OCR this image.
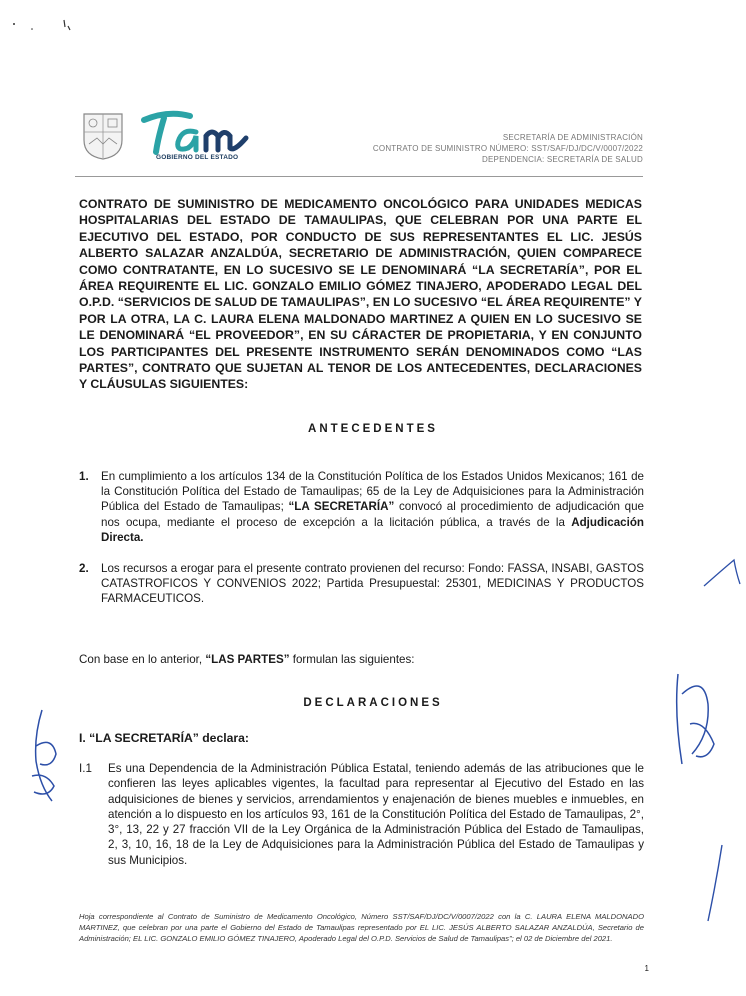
GOBIERNO DEL ESTADO
SECRETARÍA DE ADMINISTRACIÓN
CONTRATO DE SUMINISTRO NÚMERO: SST/SAF/DJ/DC/V/0007/2022
DEPENDENCIA: SECRETARÍA DE SALUD
CONTRATO DE SUMINISTRO DE MEDICAMENTO ONCOLÓGICO PARA UNIDADES MEDICAS HOSPITALARIAS DEL ESTADO DE TAMAULIPAS, QUE CELEBRAN POR UNA PARTE EL EJECUTIVO DEL ESTADO, POR CONDUCTO DE SUS REPRESENTANTES EL LIC. JESÚS ALBERTO SALAZAR ANZALDÚA, SECRETARIO DE ADMINISTRACIÓN, QUIEN COMPARECE COMO CONTRATANTE, EN LO SUCESIVO SE LE DENOMINARÁ “LA SECRETARÍA”, POR EL ÁREA REQUIRENTE EL LIC. GONZALO EMILIO GÓMEZ TINAJERO, APODERADO LEGAL DEL O.P.D. “SERVICIOS DE SALUD DE TAMAULIPAS”, EN LO SUCESIVO “EL ÁREA REQUIRENTE” Y POR LA OTRA, LA C. LAURA ELENA MALDONADO MARTINEZ A QUIEN EN LO SUCESIVO SE LE DENOMINARÁ “EL PROVEEDOR”, EN SU CÁRACTER DE PROPIETARIA, Y EN CONJUNTO LOS PARTICIPANTES DEL PRESENTE INSTRUMENTO SERÁN DENOMINADOS COMO “LAS PARTES”, CONTRATO QUE SUJETAN AL TENOR DE LOS ANTECEDENTES, DECLARACIONES Y CLÁUSULAS SIGUIENTES:
ANTECEDENTES
1. En cumplimiento a los artículos 134 de la Constitución Política de los Estados Unidos Mexicanos; 161 de la Constitución Política del Estado de Tamaulipas; 65 de la Ley de Adquisiciones para la Administración Pública del Estado de Tamaulipas; “LA SECRETARÍA” convocó al procedimiento de adjudicación que nos ocupa, mediante el proceso de excepción a la licitación pública, a través de la Adjudicación Directa.
2. Los recursos a erogar para el presente contrato provienen del recurso: Fondo: FASSA, INSABI, GASTOS CATASTROFICOS Y CONVENIOS 2022; Partida Presupuestal: 25301, MEDICINAS Y PRODUCTOS FARMACEUTICOS.
Con base en lo anterior, “LAS PARTES” formulan las siguientes:
DECLARACIONES
I. “LA SECRETARÍA” declara:
I.1 Es una Dependencia de la Administración Pública Estatal, teniendo además de las atribuciones que le confieren las leyes aplicables vigentes, la facultad para representar al Ejecutivo del Estado en las adquisiciones de bienes y servicios, arrendamientos y enajenación de bienes muebles e inmuebles, en atención a lo dispuesto en los artículos 93, 161 de la Constitución Política del Estado de Tamaulipas, 2°, 3°, 13, 22 y 27 fracción VII de la Ley Orgánica de la Administración Pública del Estado de Tamaulipas, 2, 3, 10, 16, 18 de la Ley de Adquisiciones para la Administración Pública del Estado de Tamaulipas y sus Municipios.
Hoja correspondiente al Contrato de Suministro de Medicamento Oncológico, Número SST/SAF/DJ/DC/V/0007/2022 con la C. LAURA ELENA MALDONADO MARTINEZ, que celebran por una parte el Gobierno del Estado de Tamaulipas representado por EL LIC. JESÚS ALBERTO SALAZAR ANZALDÚA, Secretario de Administración; EL LIC. GONZALO EMILIO GÓMEZ TINAJERO, Apoderado Legal del O.P.D. Servicios de Salud de Tamaulipas”; el 02 de Diciembre del 2021.
1
